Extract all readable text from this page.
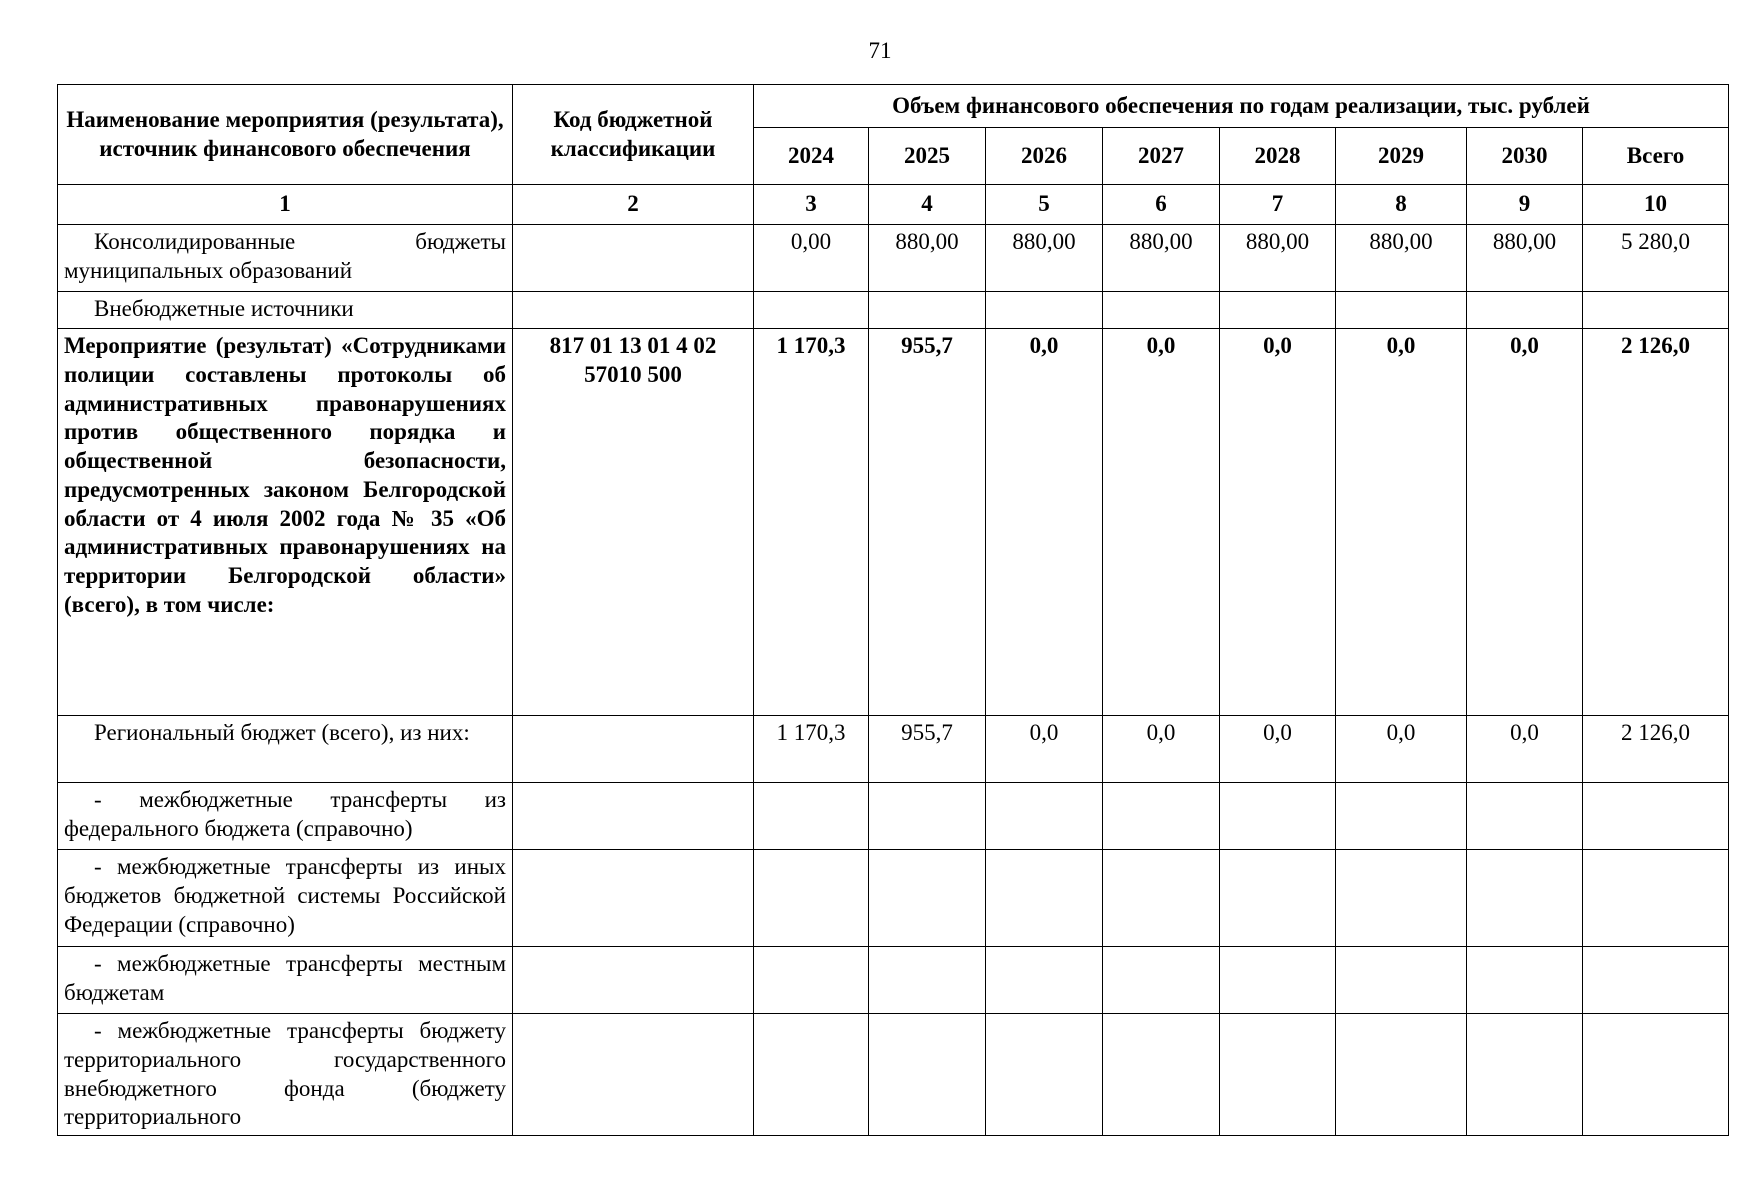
71
Наименование мероприятия (результата), источник финансового обеспечения	Код бюджетной классификации	Объем финансового обеспечения по годам реализации, тыс. рублей							
		2024	2025	2026	2027	2028	2029	2030	Всего
1	2	3	4	5	6	7	8	9	10
Консолидированные бюджеты муниципальных образований		0,00	880,00	880,00	880,00	880,00	880,00	880,00	5 280,0
Внебюджетные источники									
Мероприятие (результат) «Сотрудниками полиции составлены протоколы об административных правонарушениях против общественного порядка и общественной безопасности, предусмотренных законом Белгородской области от 4 июля 2002 года № 35 «Об административных правонарушениях на территории Белгородской области» (всего), в том числе:	817 01 13 01 4 02 57010 500	1 170,3	955,7	0,0	0,0	0,0	0,0	0,0	2 126,0
Региональный бюджет (всего), из них:		1 170,3	955,7	0,0	0,0	0,0	0,0	0,0	2 126,0
- межбюджетные трансферты из федерального бюджета (справочно)									
- межбюджетные трансферты из иных бюджетов бюджетной системы Российской Федерации (справочно)									
- межбюджетные трансферты местным бюджетам									
- межбюджетные трансферты бюджету территориального государственного внебюджетного фонда (бюджету территориального									
